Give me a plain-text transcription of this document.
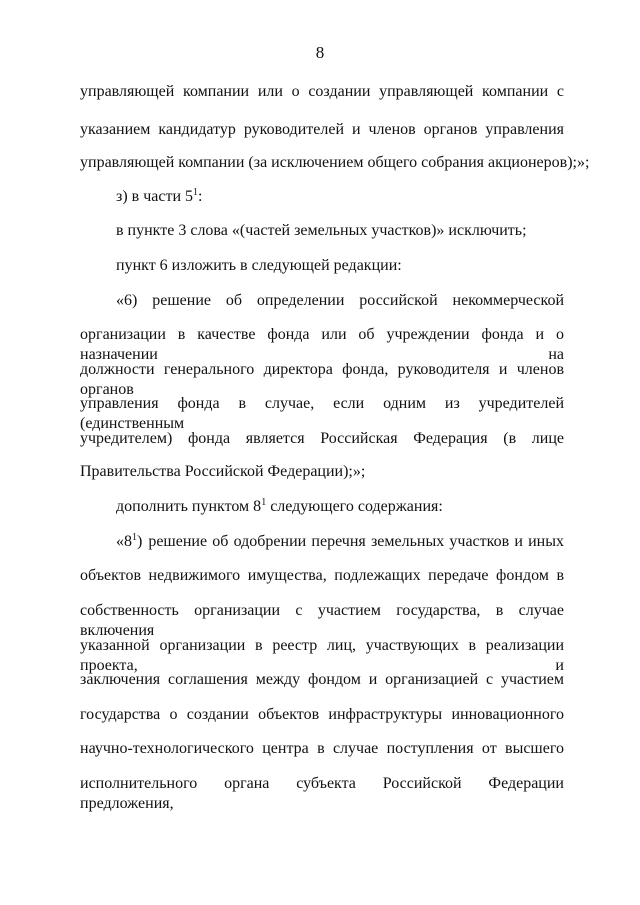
8
управляющей компании или о создании управляющей компании с
указанием кандидатур руководителей и членов органов управления
управляющей компании (за исключением общего собрания акционеров);»;
з) в части $5^1$:
в пункте 3 слова «(частей земельных участков)» исключить;
пункт 6 изложить в следующей редакции:
«6) решение об определении российской некоммерческой
организации в качестве фонда или об учреждении фонда и о назначении на
должности генерального директора фонда, руководителя и членов органов
управления фонда в случае, если одним из учредителей (единственным
учредителем) фонда является Российская Федерация (в лице
Правительства Российской Федерации);»;
дополнить пунктом $8^1$ следующего содержания:
«$8^1$) решение об одобрении перечня земельных участков и иных
объектов недвижимого имущества, подлежащих передаче фондом в
собственность организации с участием государства, в случае включения
указанной организации в реестр лиц, участвующих в реализации проекта, и
заключения соглашения между фондом и организацией с участием
государства о создании объектов инфраструктуры инновационного
научно-технологического центра в случае поступления от высшего
исполнительного органа субъекта Российской Федерации предложения,
